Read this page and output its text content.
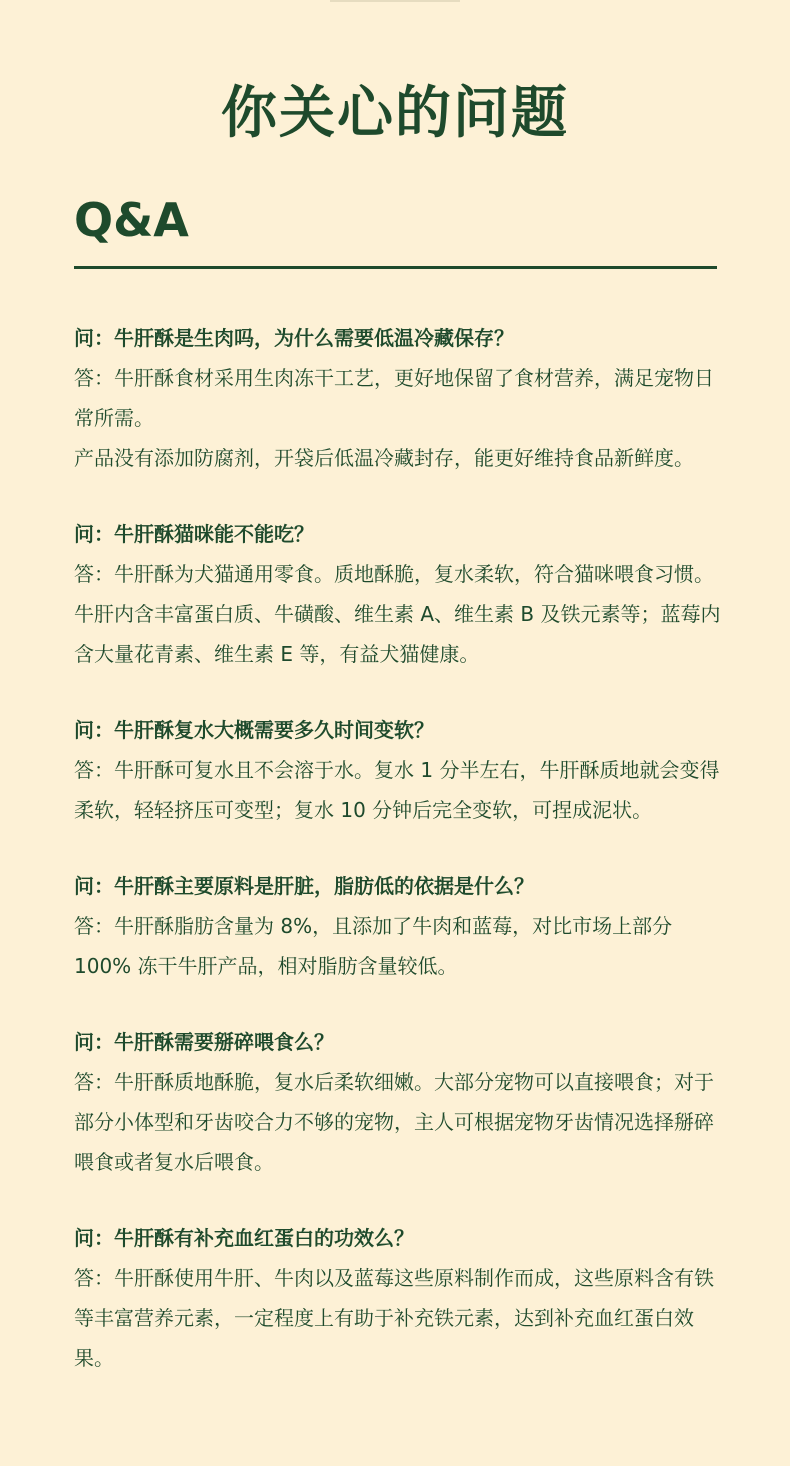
你关心的问题
Q&A

问：牛肝酥是生肉吗，为什么需要低温冷藏保存？

答：牛肝酥食材采用生肉冻干工艺，更好地保留了食材营养，满足宠物日常所需。

产品没有添加防腐剂，开袋后低温冷藏封存，能更好维持食品新鲜度。

问：牛肝酥猫咪能不能吃？

答：牛肝酥为犬猫通用零食。质地酥脆，复水柔软，符合猫咪喂食习惯。牛肝内含丰富蛋白质、牛磺酸、维生素 A、维生素 B 及铁元素等；蓝莓内含大量花青素、维生素 E 等，有益犬猫健康。

问：牛肝酥复水大概需要多久时间变软？

答：牛肝酥可复水且不会溶于水。复水 1 分半左右，牛肝酥质地就会变得柔软，轻轻挤压可变型；复水 10 分钟后完全变软，可捏成泥状。

问：牛肝酥主要原料是肝脏，脂肪低的依据是什么？

答：牛肝酥脂肪含量为 8%，且添加了牛肉和蓝莓，对比市场上部分 100% 冻干牛肝产品，相对脂肪含量较低。

问：牛肝酥需要掰碎喂食么？

答：牛肝酥质地酥脆，复水后柔软细嫩。大部分宠物可以直接喂食；对于部分小体型和牙齿咬合力不够的宠物，主人可根据宠物牙齿情况选择掰碎喂食或者复水后喂食。

问：牛肝酥有补充血红蛋白的功效么？

答：牛肝酥使用牛肝、牛肉以及蓝莓这些原料制作而成，这些原料含有铁等丰富营养元素，一定程度上有助于补充铁元素，达到补充血红蛋白效果。
